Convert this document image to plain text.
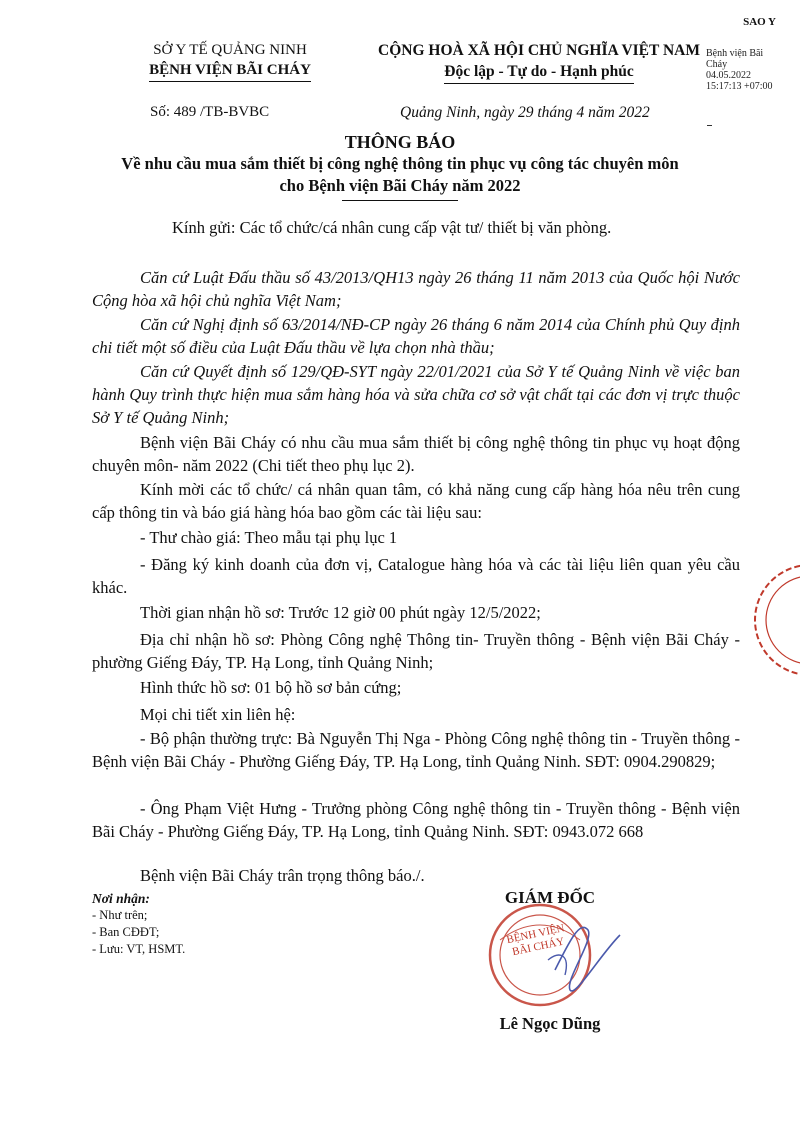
SAO Y
Bệnh viện Bãi
Cháy
04.05.2022
15:17:13 +07:00
SỞ Y TẾ QUẢNG NINH
BỆNH VIỆN BÃI CHÁY
Số: 489 /TB-BVBC
CỘNG HOÀ XÃ HỘI CHỦ NGHĨA VIỆT NAM
Độc lập - Tự do - Hạnh phúc
Quảng Ninh, ngày 29 tháng 4 năm 2022
THÔNG BÁO
Về nhu cầu mua sắm thiết bị công nghệ thông tin phục vụ công tác chuyên môn
cho Bệnh viện Bãi Cháy năm 2022
Kính gửi: Các tổ chức/cá nhân cung cấp vật tư/ thiết bị văn phòng.
Căn cứ Luật Đấu thầu số 43/2013/QH13 ngày 26 tháng 11 năm 2013 của Quốc hội Nước Cộng hòa xã hội chủ nghĩa Việt Nam;
Căn cứ Nghị định số 63/2014/NĐ-CP ngày 26 tháng 6 năm 2014 của Chính phủ Quy định chi tiết một số điều của Luật Đấu thầu về lựa chọn nhà thầu;
Căn cứ Quyết định số 129/QĐ-SYT ngày 22/01/2021 của Sở Y tế Quảng Ninh về việc ban hành Quy trình thực hiện mua sắm hàng hóa và sửa chữa cơ sở vật chất tại các đơn vị trực thuộc Sở Y tế Quảng Ninh;
Bệnh viện Bãi Cháy có nhu cầu mua sắm thiết bị công nghệ thông tin phục vụ hoạt động chuyên môn- năm 2022 (Chi tiết theo phụ lục 2).
Kính mời các tổ chức/ cá nhân quan tâm, có khả năng cung cấp hàng hóa nêu trên cung cấp thông tin và báo giá hàng hóa bao gồm các tài liệu sau:
- Thư chào giá: Theo mẫu tại phụ lục 1
- Đăng ký kinh doanh của đơn vị, Catalogue hàng hóa và các tài liệu liên quan yêu cầu khác.
Thời gian nhận hồ sơ: Trước 12 giờ 00 phút ngày 12/5/2022;
Địa chỉ nhận hồ sơ: Phòng Công nghệ Thông tin- Truyền thông - Bệnh viện Bãi Cháy - phường Giếng Đáy, TP. Hạ Long, tỉnh Quảng Ninh;
Hình thức hồ sơ: 01 bộ hồ sơ bản cứng;
Mọi chi tiết xin liên hệ:
- Bộ phận thường trực: Bà Nguyễn Thị Nga - Phòng Công nghệ thông tin - Truyền thông - Bệnh viện Bãi Cháy - Phường Giếng Đáy, TP. Hạ Long, tỉnh Quảng Ninh. SĐT: 0904.290829;
- Ông Phạm Việt Hưng - Trưởng phòng Công nghệ thông tin - Truyền thông - Bệnh viện Bãi Cháy - Phường Giếng Đáy, TP. Hạ Long, tỉnh Quảng Ninh. SĐT: 0943.072 668
Bệnh viện Bãi Cháy trân trọng thông báo./.
Nơi nhận:
- Như trên;
- Ban CĐĐT;
- Lưu: VT, HSMT.
GIÁM ĐỐC
BỆNH VIỆN BÃI CHÁY
Lê Ngọc Dũng
